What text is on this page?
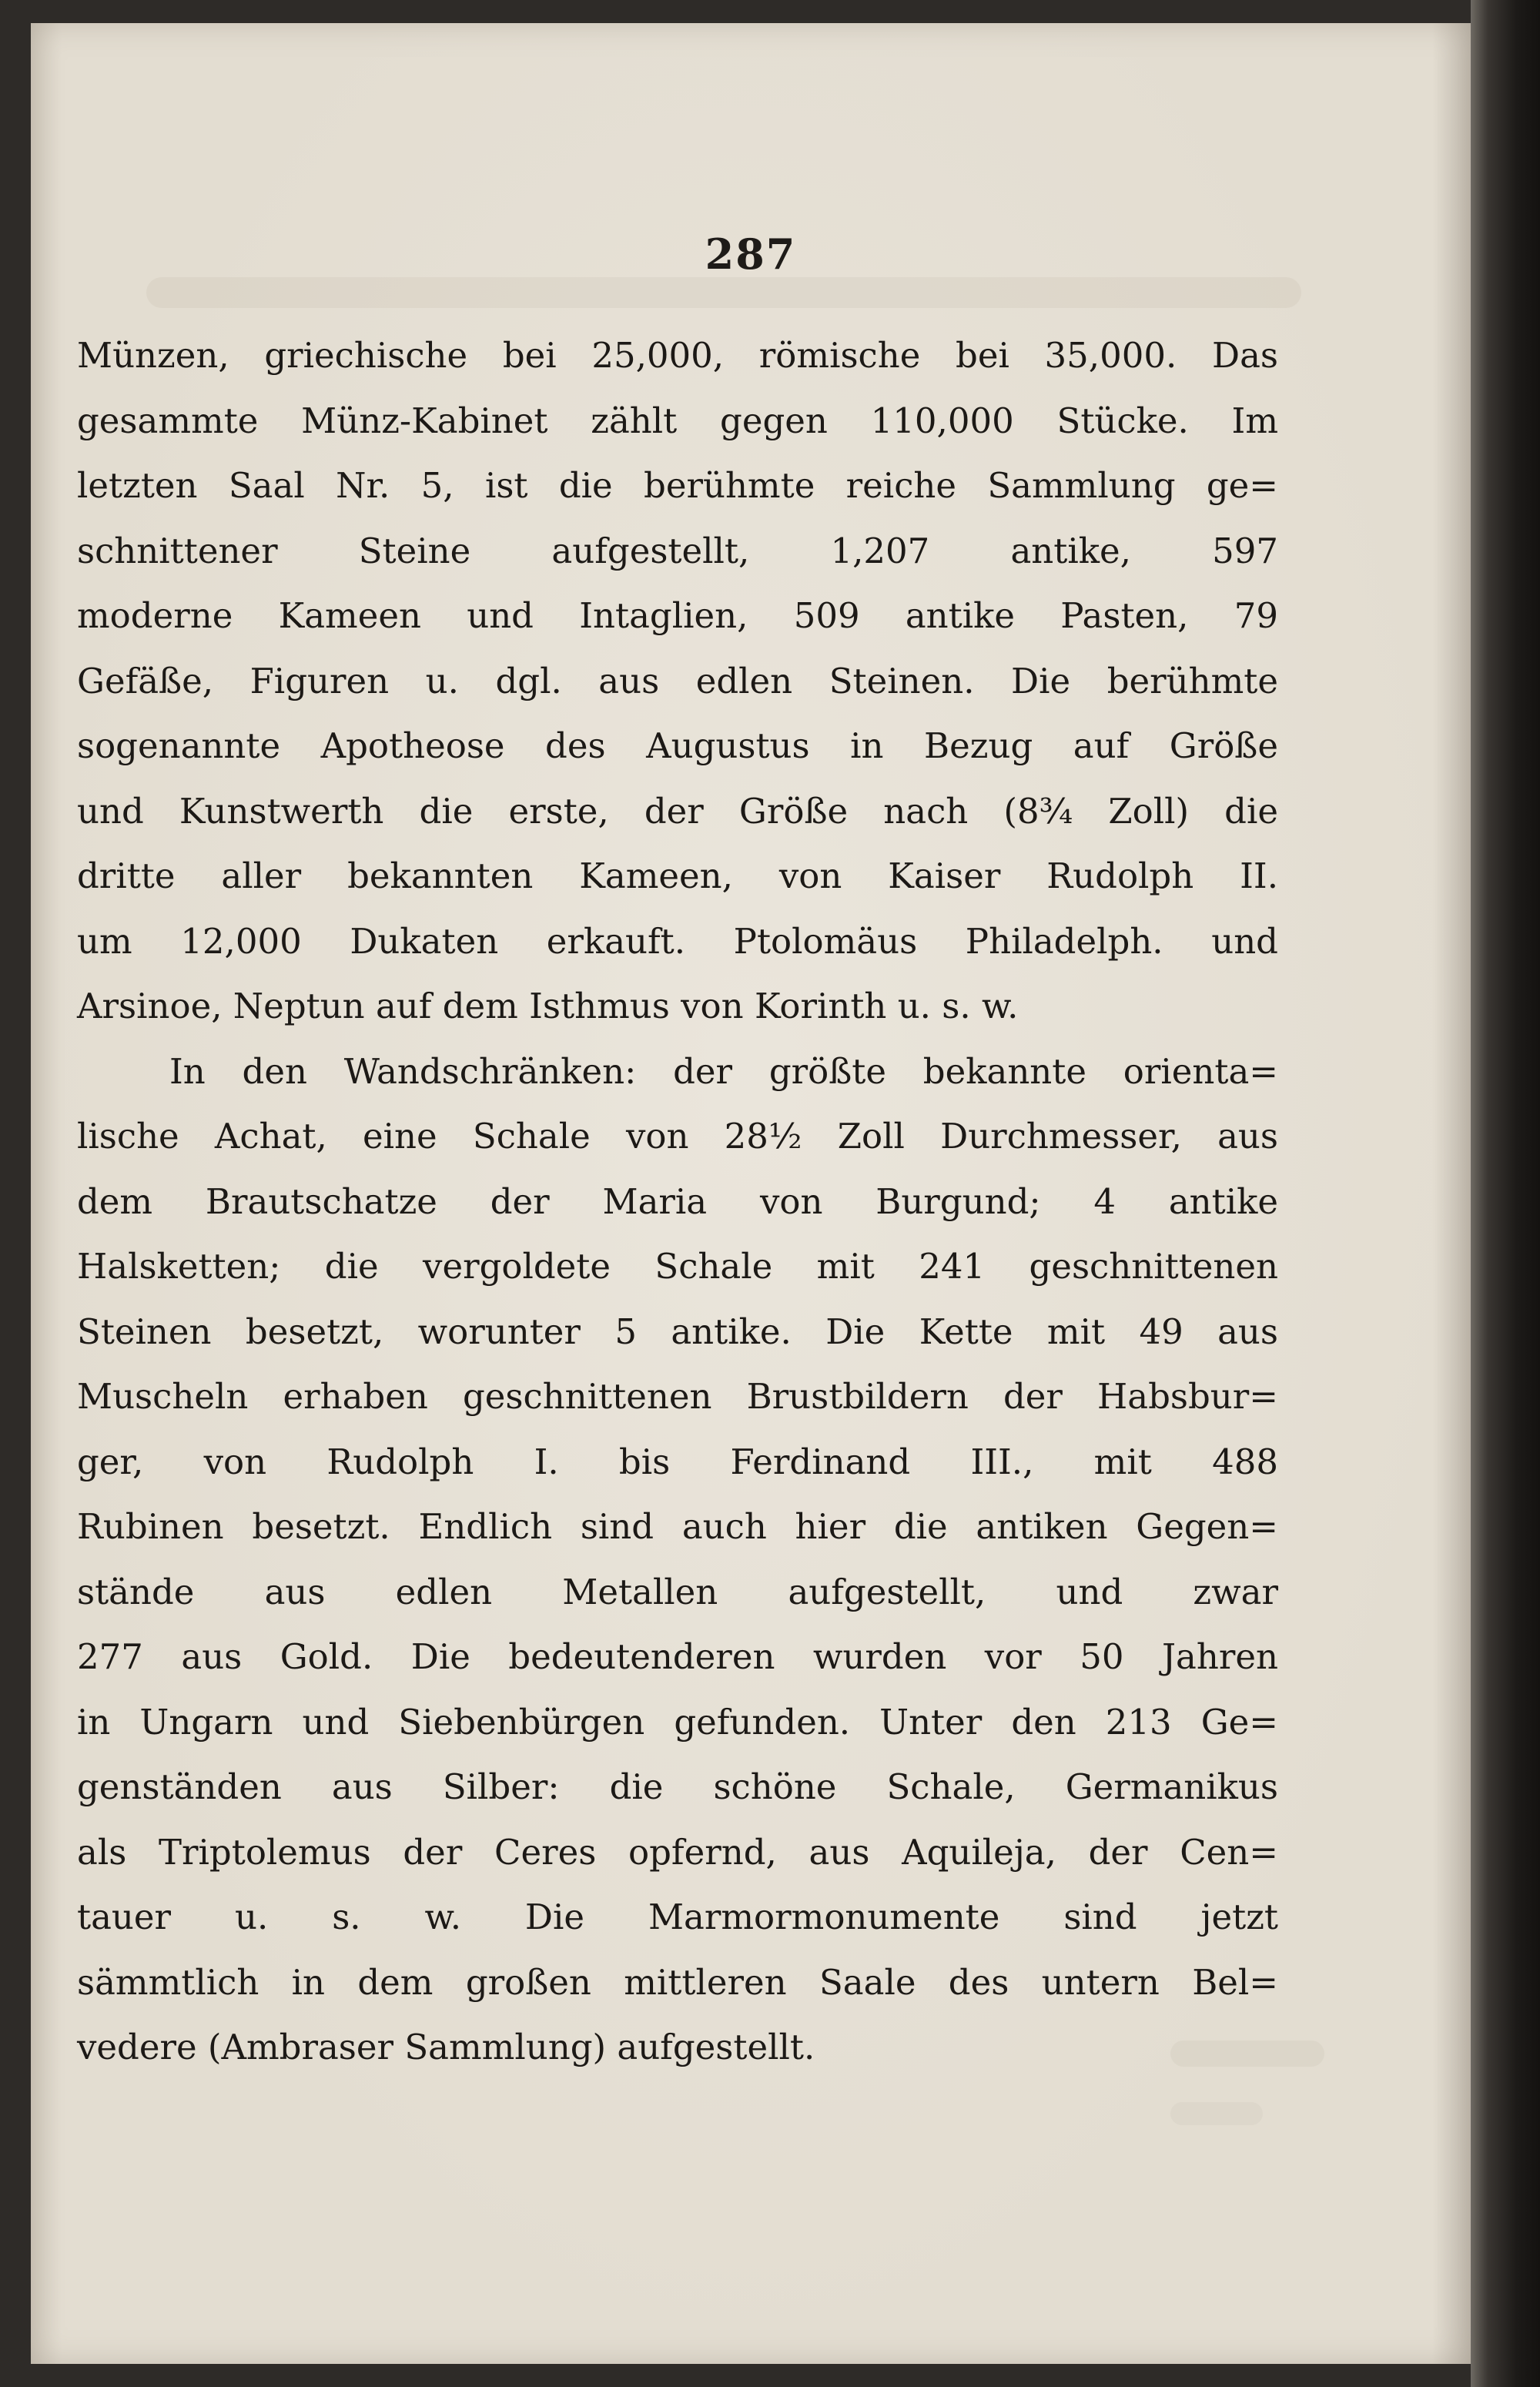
287
Münzen, griechische bei 25,000, römische bei 35,000. Das
gesammte Münz-Kabinet zählt gegen 110,000 Stücke. Im
letzten Saal Nr. 5, ist die berühmte reiche Sammlung ge=
schnittener Steine aufgestellt, 1,207 antike, 597
moderne Kameen und Intaglien, 509 antike Pasten, 79
Gefäße, Figuren u. dgl. aus edlen Steinen. Die berühmte
sogenannte Apotheose des Augustus in Bezug auf Größe
und Kunstwerth die erste, der Größe nach (8¾ Zoll) die
dritte aller bekannten Kameen, von Kaiser Rudolph II.
um 12,000 Dukaten erkauft. Ptolomäus Philadelph. und
Arsinoe, Neptun auf dem Isthmus von Korinth u. s. w.
In den Wandschränken: der größte bekannte orienta=
lische Achat, eine Schale von 28½ Zoll Durchmesser, aus
dem Brautschatze der Maria von Burgund; 4 antike
Halsketten; die vergoldete Schale mit 241 geschnittenen
Steinen besetzt, worunter 5 antike. Die Kette mit 49 aus
Muscheln erhaben geschnittenen Brustbildern der Habsbur=
ger, von Rudolph I. bis Ferdinand III., mit 488
Rubinen besetzt. Endlich sind auch hier die antiken Gegen=
stände aus edlen Metallen aufgestellt, und zwar
277 aus Gold. Die bedeutenderen wurden vor 50 Jahren
in Ungarn und Siebenbürgen gefunden. Unter den 213 Ge=
genständen aus Silber: die schöne Schale, Germanikus
als Triptolemus der Ceres opfernd, aus Aquileja, der Cen=
tauer u. s. w. Die Marmormonumente sind jetzt
sämmtlich in dem großen mittleren Saale des untern Bel=
vedere (Ambraser Sammlung) aufgestellt.
